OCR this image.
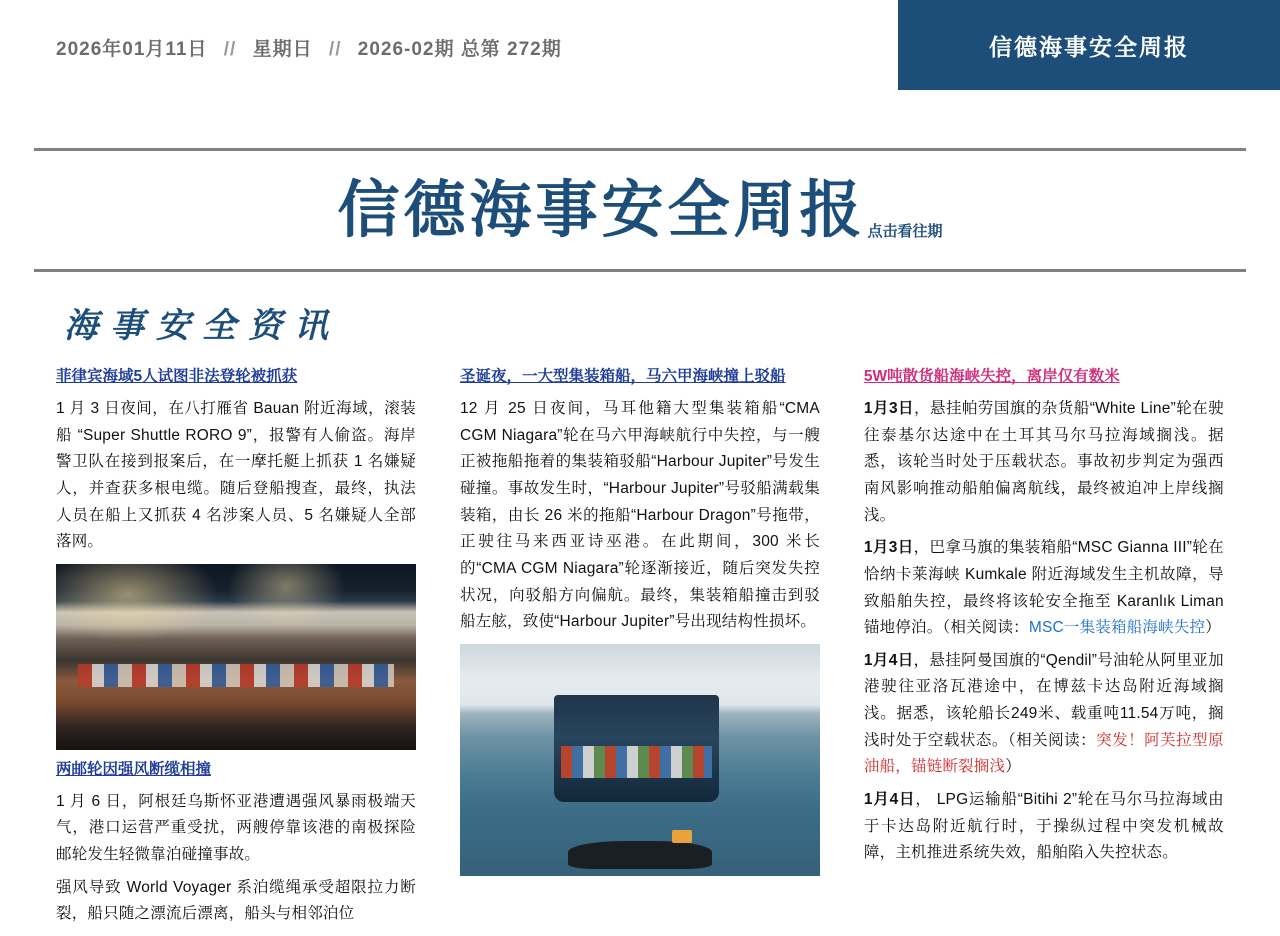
2026年01月11日 // 星期日 // 2026-02期 总第 272期	信德海事安全周报
信德海事安全周报 点击看往期
海事安全资讯
菲律宾海域5人试图非法登轮被抓获

1 月 3 日夜间，在八打雁省 Bauan 附近海域，滚装船 “Super Shuttle RORO 9”，报警有人偷盗。海岸警卫队在接到报案后，在一摩托艇上抓获 1 名嫌疑人，并查获多根电缆。随后登船搜查，最终，执法人员在船上又抓获 4 名涉案人员、5 名嫌疑人全部落网。

两邮轮因强风断缆相撞

1 月 6 日，阿根廷乌斯怀亚港遭遇强风暴雨极端天气，港口运营严重受扰，两艘停靠该港的南极探险邮轮发生轻微靠泊碰撞事故。

强风导致 World Voyager 系泊缆绳承受超限拉力断裂，船只随之漂流后漂离，船头与相邻泊位

圣诞夜，一大型集装箱船，马六甲海峡撞上驳船

12 月 25 日夜间，马耳他籍大型集装箱船“CMA CGM Niagara”轮在马六甲海峡航行中失控，与一艘正被拖船拖着的集装箱驳船“Harbour Jupiter”号发生碰撞。事故发生时，“Harbour Jupiter”号驳船满载集装箱，由长 26 米的拖船“Harbour Dragon”号拖带，正驶往马来西亚诗巫港。在此期间，300 米长的“CMA CGM Niagara”轮逐渐接近，随后突发失控状况，向驳船方向偏航。最终，集装箱船撞击到驳船左舷，致使“Harbour Jupiter”号出现结构性损坏。

5W吨散货船海峡失控，离岸仅有数米

1月3日，悬挂帕劳国旗的杂货船“White Line”轮在驶往泰基尔达途中在土耳其马尔马拉海域搁浅。据悉，该轮当时处于压载状态。事故初步判定为强西南风影响推动船舶偏离航线，最终被迫冲上岸线搁浅。

1月3日，巴拿马旗的集装箱船“MSC Gianna III”轮在恰纳卡莱海峡 Kumkale 附近海域发生主机故障，导致船舶失控，最终将该轮安全拖至 Karanlık Liman 锚地停泊。（相关阅读：MSC一集装箱船海峡失控）

1月4日，悬挂阿曼国旗的“Qendil”号油轮从阿里亚加港驶往亚洛瓦港途中，在博兹卡达岛附近海域搁浅。据悉，该轮船长249米、载重吨11.54万吨，搁浅时处于空载状态。（相关阅读：突发！阿芙拉型原油船，锚链断裂搁浅）

1月4日， LPG运输船“Bitihi 2”轮在马尔马拉海域由于卡达岛附近航行时，于操纵过程中突发机械故障，主机推进系统失效，船舶陷入失控状态。
